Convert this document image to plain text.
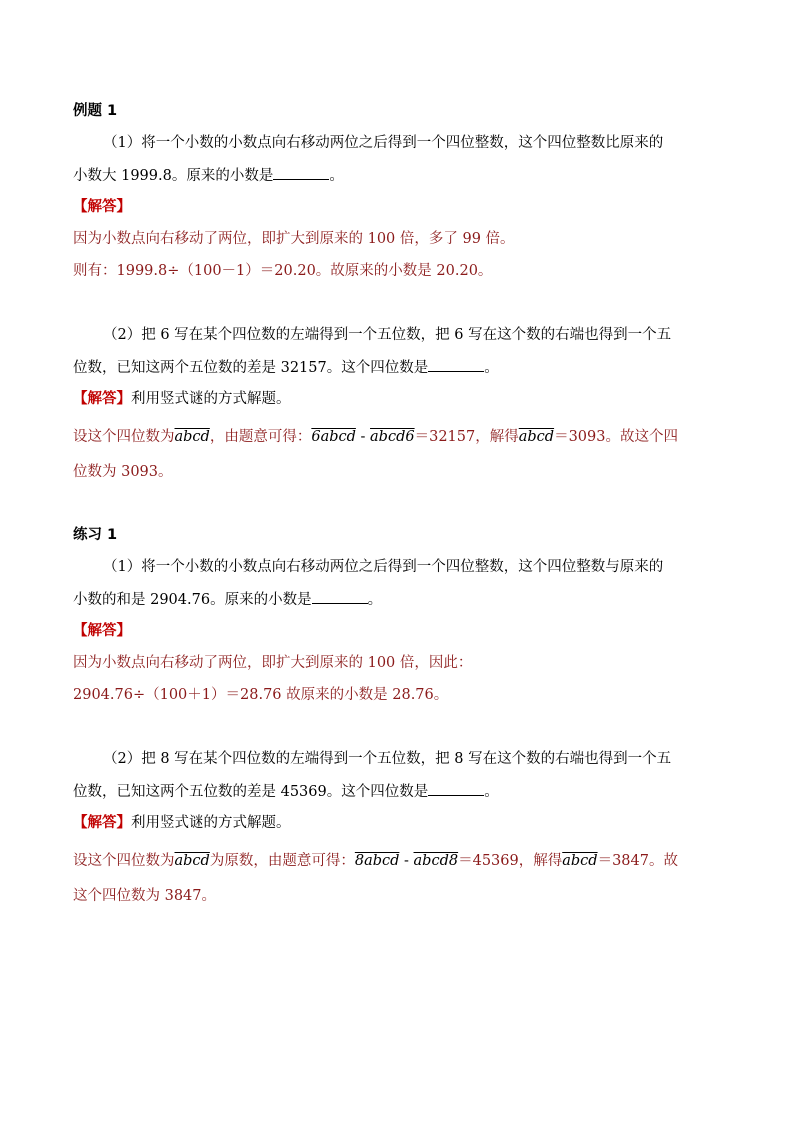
例题 1
（1）将一个小数的小数点向右移动两位之后得到一个四位整数，这个四位整数比原来的
小数大 1999.8。原来的小数是	。
【解答】
因为小数点向右移动了两位，即扩大到原来的 100 倍，多了 99 倍。
则有：1999.8÷（100－1）＝20.20。故原来的小数是 20.20。
（2）把 6 写在某个四位数的左端得到一个五位数，把 6 写在这个数的右端也得到一个五
位数，已知这两个五位数的差是 32157。这个四位数是	。
【解答】利用竖式谜的方式解题。
设这个四位数为abcd，由题意可得：6abcd - abcd6＝32157，解得abcd＝3093。故这个四
位数为 3093。
练习 1
（1）将一个小数的小数点向右移动两位之后得到一个四位整数，这个四位整数与原来的
小数的和是 2904.76。原来的小数是	。
【解答】
因为小数点向右移动了两位，即扩大到原来的 100 倍，因此：
2904.76÷（100＋1）＝28.76 故原来的小数是 28.76。
（2）把 8 写在某个四位数的左端得到一个五位数，把 8 写在这个数的右端也得到一个五
位数，已知这两个五位数的差是 45369。这个四位数是	。
【解答】利用竖式谜的方式解题。
设这个四位数为abcd为原数，由题意可得：8abcd - abcd8＝45369，解得abcd＝3847。故
这个四位数为 3847。
